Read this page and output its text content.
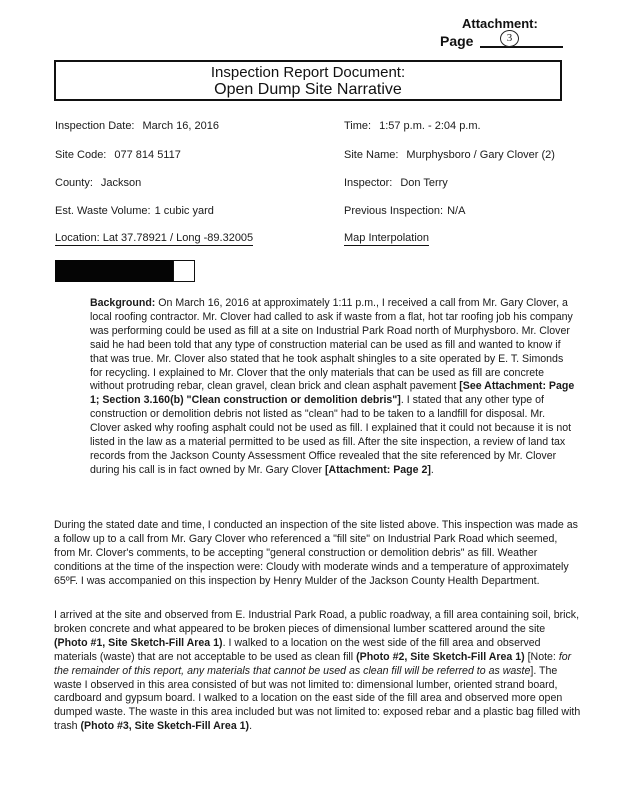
Attachment:
Page	3
Inspection Report Document:
Open Dump Site Narrative
Inspection Date: March 16, 2016	Time: 1:57 p.m. - 2:04 p.m.
Site Code: 077 814 5117	Site Name: Murphysboro / Gary Clover (2)
County: Jackson	Inspector: Don Terry
Est. Waste Volume: 1 cubic yard	Previous Inspection: N/A
Location: Lat 37.78921 / Long -89.32005	Map Interpolation
Background: On March 16, 2016 at approximately 1:11 p.m., I received a call from Mr. Gary Clover, a local roofing contractor. Mr. Clover had called to ask if waste from a flat, hot tar roofing job his company was performing could be used as fill at a site on Industrial Park Road north of Murphysboro. Mr. Clover said he had been told that any type of construction material can be used as fill and wanted to know if that was true. Mr. Clover also stated that he took asphalt shingles to a site operated by E. T. Simonds for recycling. I explained to Mr. Clover that the only materials that can be used as fill are concrete without protruding rebar, clean gravel, clean brick and clean asphalt pavement [See Attachment: Page 1; Section 3.160(b) "Clean construction or demolition debris"]. I stated that any other type of construction or demolition debris not listed as "clean" had to be taken to a landfill for disposal. Mr. Clover asked why roofing asphalt could not be used as fill. I explained that it could not because it is not listed in the law as a material permitted to be used as fill. After the site inspection, a review of land tax records from the Jackson County Assessment Office revealed that the site referenced by Mr. Clover during his call is in fact owned by Mr. Gary Clover [Attachment: Page 2].
During the stated date and time, I conducted an inspection of the site listed above. This inspection was made as a follow up to a call from Mr. Gary Clover who referenced a "fill site" on Industrial Park Road which seemed, from Mr. Clover's comments, to be accepting "general construction or demolition debris" as fill. Weather conditions at the time of the inspection were: Cloudy with moderate winds and a temperature of approximately 65ºF. I was accompanied on this inspection by Henry Mulder of the Jackson County Health Department.
I arrived at the site and observed from E. Industrial Park Road, a public roadway, a fill area containing soil, brick, broken concrete and what appeared to be broken pieces of dimensional lumber scattered around the site (Photo #1, Site Sketch-Fill Area 1). I walked to a location on the west side of the fill area and observed materials (waste) that are not acceptable to be used as clean fill (Photo #2, Site Sketch-Fill Area 1) [Note: for the remainder of this report, any materials that cannot be used as clean fill will be referred to as waste]. The waste I observed in this area consisted of but was not limited to: dimensional lumber, oriented strand board, cardboard and gypsum board. I walked to a location on the east side of the fill area and observed more open dumped waste. The waste in this area included but was not limited to: exposed rebar and a plastic bag filled with trash (Photo #3, Site Sketch-Fill Area 1).
